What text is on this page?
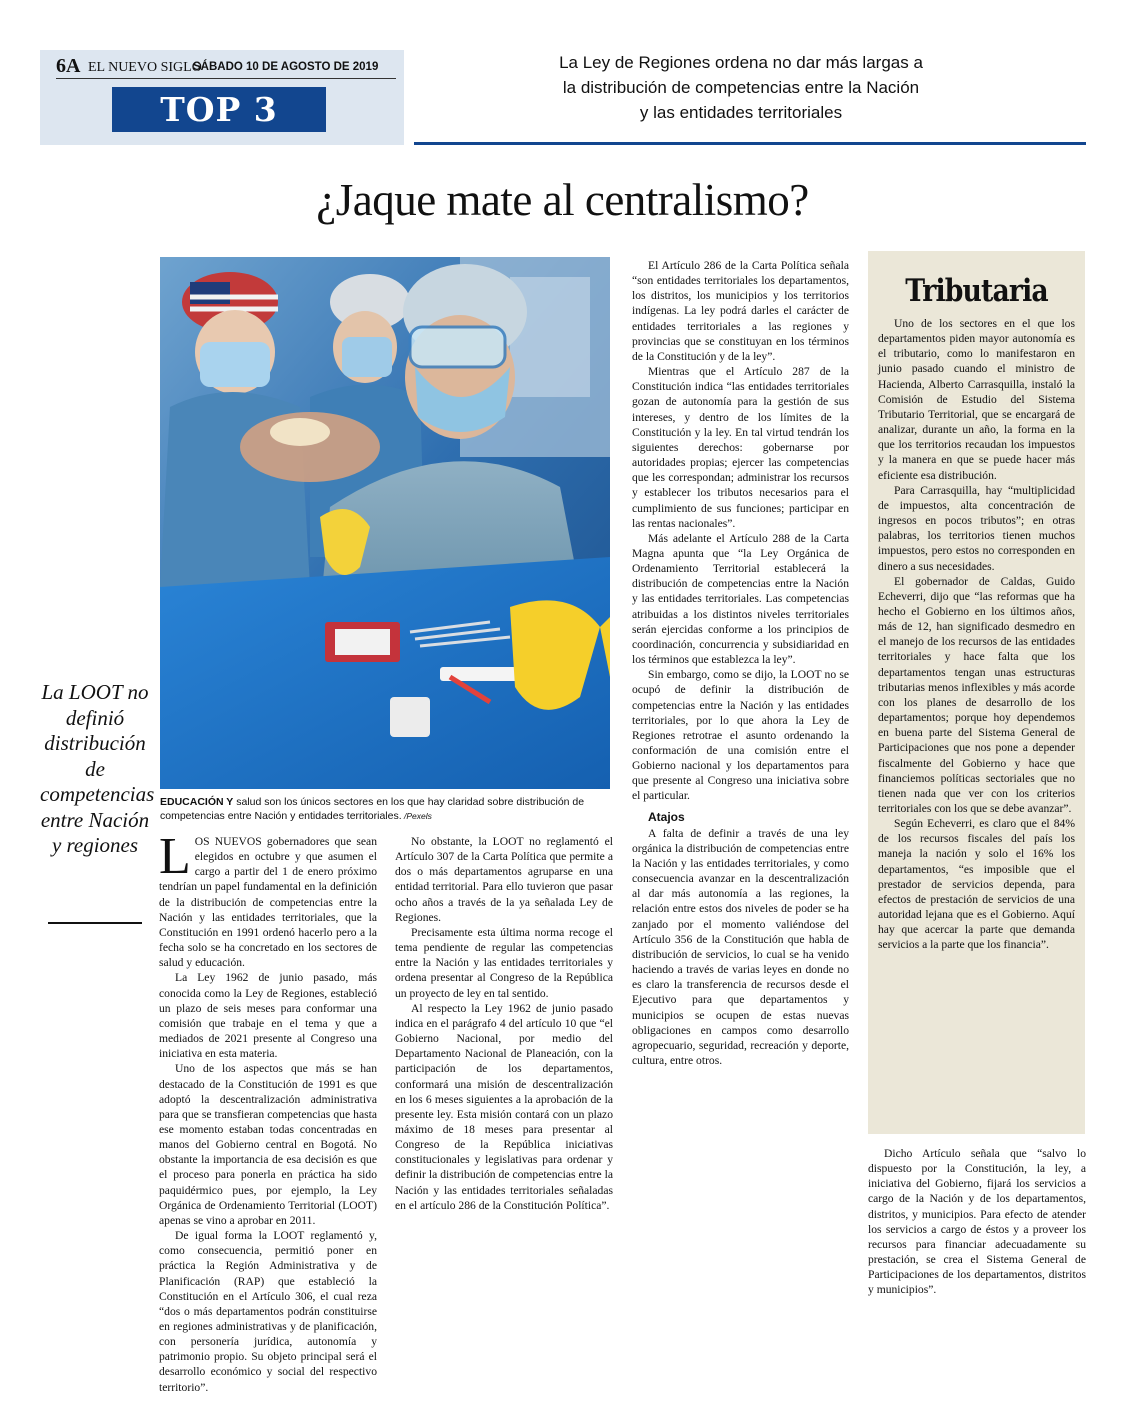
6A EL NUEVO SIGLO
SÁBADO 10 DE AGOSTO DE 2019
TOP 3
La Ley de Regiones ordena no dar más largas a
la distribución de competencias entre la Nación
y las entidades territoriales
¿Jaque mate al centralismo?
EDUCACIÓN Y salud son los únicos sectores en los que hay claridad sobre distribución de competencias entre Nación y entidades territoriales. /Pexels
La LOOT no definió distribución de competencias entre Nación y regiones LOS NUEVOS gobernadores que sean elegidos en octubre y que asumen el cargo a partir del 1 de enero próximo tendrían un papel fundamental en la definición de la distribución de competencias entre la Nación y las entidades territoriales, que la Constitución en 1991 ordenó hacerlo pero a la fecha solo se ha concretado en los sectores de salud y educación.

La Ley 1962 de junio pasado, más conocida como la Ley de Regiones, estableció un plazo de seis meses para conformar una comisión que trabaje en el tema y que a mediados de 2021 presente al Congreso una iniciativa en esta materia.

Uno de los aspectos que más se han destacado de la Constitución de 1991 es que adoptó la descentralización administrativa para que se transfieran competencias que hasta ese momento estaban todas concentradas en manos del Gobierno central en Bogotá. No obstante la importancia de esa decisión es que el proceso para ponerla en práctica ha sido paquidérmico pues, por ejemplo, la Ley Orgánica de Ordenamiento Territorial (LOOT) apenas se vino a aprobar en 2011.

De igual forma la LOOT reglamentó y, como consecuencia, permitió poner en práctica la Región Administrativa y de Planificación (RAP) que estableció la Constitución en el Artículo 306, el cual reza “dos o más departamentos podrán constituirse en regiones administrativas y de planificación, con personería jurídica, autonomía y patrimonio propio. Su objeto principal será el desarrollo económico y social del respectivo territorio”.

No obstante, la LOOT no reglamentó el Artículo 307 de la Carta Política que permite a dos o más departamentos agruparse en una entidad territorial. Para ello tuvieron que pasar ocho años a través de la ya señalada Ley de Regiones.

Precisamente esta última norma recoge el tema pendiente de regular las competencias entre la Nación y las entidades territoriales y ordena presentar al Congreso de la República un proyecto de ley en tal sentido.

Al respecto la Ley 1962 de junio pasado indica en el parágrafo 4 del artículo 10 que “el Gobierno Nacional, por medio del Departamento Nacional de Planeación, con la participación de los departamentos, conformará una misión de descentralización en los 6 meses siguientes a la aprobación de la presente ley. Esta misión contará con un plazo máximo de 18 meses para presentar al Congreso de la República iniciativas constitucionales y legislativas para ordenar y definir la distribución de competencias entre la Nación y las entidades territoriales señaladas en el artículo 286 de la Constitución Política”.

El Artículo 286 de la Carta Política señala “son entidades territoriales los departamentos, los distritos, los municipios y los territorios indígenas. La ley podrá darles el carácter de entidades territoriales a las regiones y provincias que se constituyan en los términos de la Constitución y de la ley”.

Mientras que el Artículo 287 de la Constitución indica “las entidades territoriales gozan de autonomía para la gestión de sus intereses, y dentro de los límites de la Constitución y la ley. En tal virtud tendrán los siguientes derechos: gobernarse por autoridades propias; ejercer las competencias que les correspondan; administrar los recursos y establecer los tributos necesarios para el cumplimiento de sus funciones; participar en las rentas nacionales”.

Más adelante el Artículo 288 de la Carta Magna apunta que “la Ley Orgánica de Ordenamiento Territorial establecerá la distribución de competencias entre la Nación y las entidades territoriales. Las competencias atribuidas a los distintos niveles territoriales serán ejercidas conforme a los principios de coordinación, concurrencia y subsidiaridad en los términos que establezca la ley”.

Sin embargo, como se dijo, la LOOT no se ocupó de definir la distribución de competencias entre la Nación y las entidades territoriales, por lo que ahora la Ley de Regiones retrotrae el asunto ordenando la conformación de una comisión entre el Gobierno nacional y los departamentos para que presente al Congreso una iniciativa sobre el particular.

Atajos

A falta de definir a través de una ley orgánica la distribución de competencias entre la Nación y las entidades territoriales, y como consecuencia avanzar en la descentralización al dar más autonomía a las regiones, la relación entre estos dos niveles de poder se ha zanjado por el momento valiéndose del Artículo 356 de la Constitución que habla de distribución de servicios, lo cual se ha venido haciendo a través de varias leyes en donde no es claro la transferencia de recursos desde el Ejecutivo para que departamentos y municipios se ocupen de estas nuevas obligaciones en campos como desarrollo agropecuario, seguridad, recreación y deporte, cultura, entre otros.

Dicho Artículo señala que “salvo lo dispuesto por la Constitución, la ley, a iniciativa del Gobierno, fijará los servicios a cargo de la Nación y de los departamentos, distritos, y municipios. Para efecto de atender los servicios a cargo de éstos y a proveer los recursos para financiar adecuadamente su prestación, se crea el Sistema General de Participaciones de los departamentos, distritos y municipios”.

Tributaria

Uno de los sectores en el que los departamentos piden mayor autonomía es el tributario, como lo manifestaron en junio pasado cuando el ministro de Hacienda, Alberto Carrasquilla, instaló la Comisión de Estudio del Sistema Tributario Territorial, que se encargará de analizar, durante un año, la forma en la que los territorios recaudan los impuestos y la manera en que se puede hacer más eficiente esa distribución.

Para Carrasquilla, hay “multiplicidad de impuestos, alta concentración de ingresos en pocos tributos”; en otras palabras, los territorios tienen muchos impuestos, pero estos no corresponden en dinero a sus necesidades.

El gobernador de Caldas, Guido Echeverri, dijo que “las reformas que ha hecho el Gobierno en los últimos años, más de 12, han significado desmedro en el manejo de los recursos de las entidades territoriales y hace falta que los departamentos tengan unas estructuras tributarias menos inflexibles y más acorde con los planes de desarrollo de los departamentos; porque hoy dependemos en buena parte del Sistema General de Participaciones que nos pone a depender fiscalmente del Gobierno y hace que financiemos políticas sectoriales que no tienen nada que ver con los criterios territoriales con los que se debe avanzar”.

Según Echeverri, es claro que el 84% de los recursos fiscales del país los maneja la nación y solo el 16% los departamentos, “es imposible que el prestador de servicios dependa, para efectos de prestación de servicios de una autoridad lejana que es el Gobierno. Aquí hay que acercar la parte que demanda servicios a la parte que los financia”.
